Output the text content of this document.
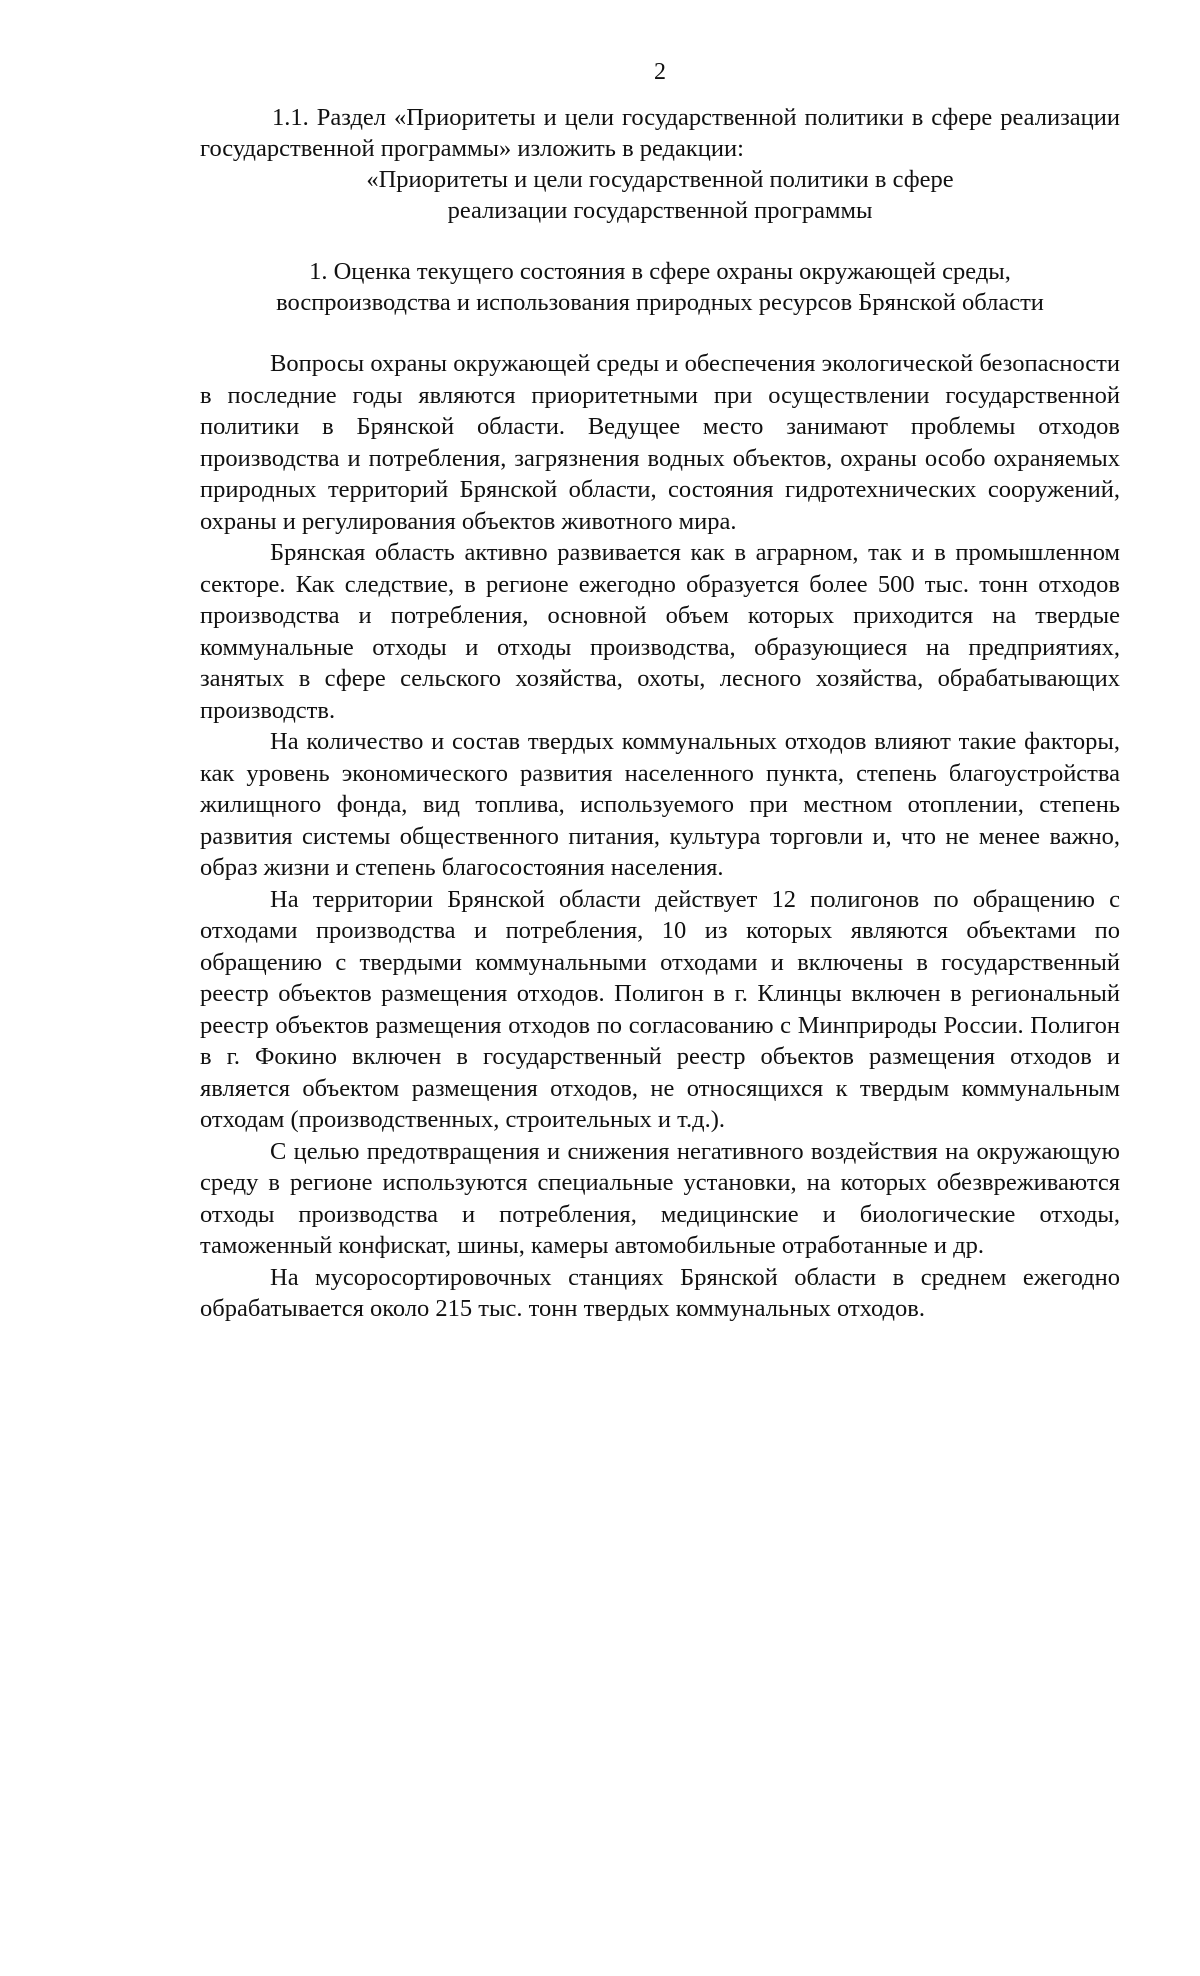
2

1.1. Раздел «Приоритеты и цели государственной политики в сфере реализации государственной программы» изложить в редакции:

«Приоритеты и цели государственной политики в сфере

реализации государственной программы

1. Оценка текущего состояния в сфере охраны окружающей среды,
воспроизводства и использования природных ресурсов Брянской области

Вопросы охраны окружающей среды и обеспечения экологической безопасности в последние годы являются приоритетными при осуществлении государственной политики в Брянской области. Ведущее место занимают проблемы отходов производства и потребления, загрязнения водных объектов, охраны особо охраняемых природных территорий Брянской области, состояния гидротехнических сооружений, охраны и регулирования объектов животного мира.

Брянская область активно развивается как в аграрном, так и в промышленном секторе. Как следствие, в регионе ежегодно образуется более 500 тыс. тонн отходов производства и потребления, основной объем которых приходится на твердые коммунальные отходы и отходы производства, образующиеся на предприятиях, занятых в сфере сельского хозяйства, охоты, лесного хозяйства, обрабатывающих производств.

На количество и состав твердых коммунальных отходов влияют такие факторы, как уровень экономического развития населенного пункта, степень благоустройства жилищного фонда, вид топлива, используемого при местном отоплении, степень развития системы общественного питания, культура торговли и, что не менее важно, образ жизни и степень благосостояния населения.

На территории Брянской области действует 12 полигонов по обращению с отходами производства и потребления, 10 из которых являются объектами по обращению с твердыми коммунальными отходами и включены в государственный реестр объектов размещения отходов. Полигон в г. Клинцы включен в региональный реестр объектов размещения отходов по согласованию с Минприроды России. Полигон в г. Фокино включен в государственный реестр объектов размещения отходов и является объектом размещения отходов, не относящихся к твердым коммунальным отходам (производственных, строительных и т.д.).

С целью предотвращения и снижения негативного воздействия на окружающую среду в регионе используются специальные установки, на которых обезвреживаются отходы производства и потребления, медицинские и биологические отходы, таможенный конфискат, шины, камеры автомобильные отработанные и др.

На мусоросортировочных станциях Брянской области в среднем ежегодно обрабатывается около 215 тыс. тонн твердых коммунальных отходов.
